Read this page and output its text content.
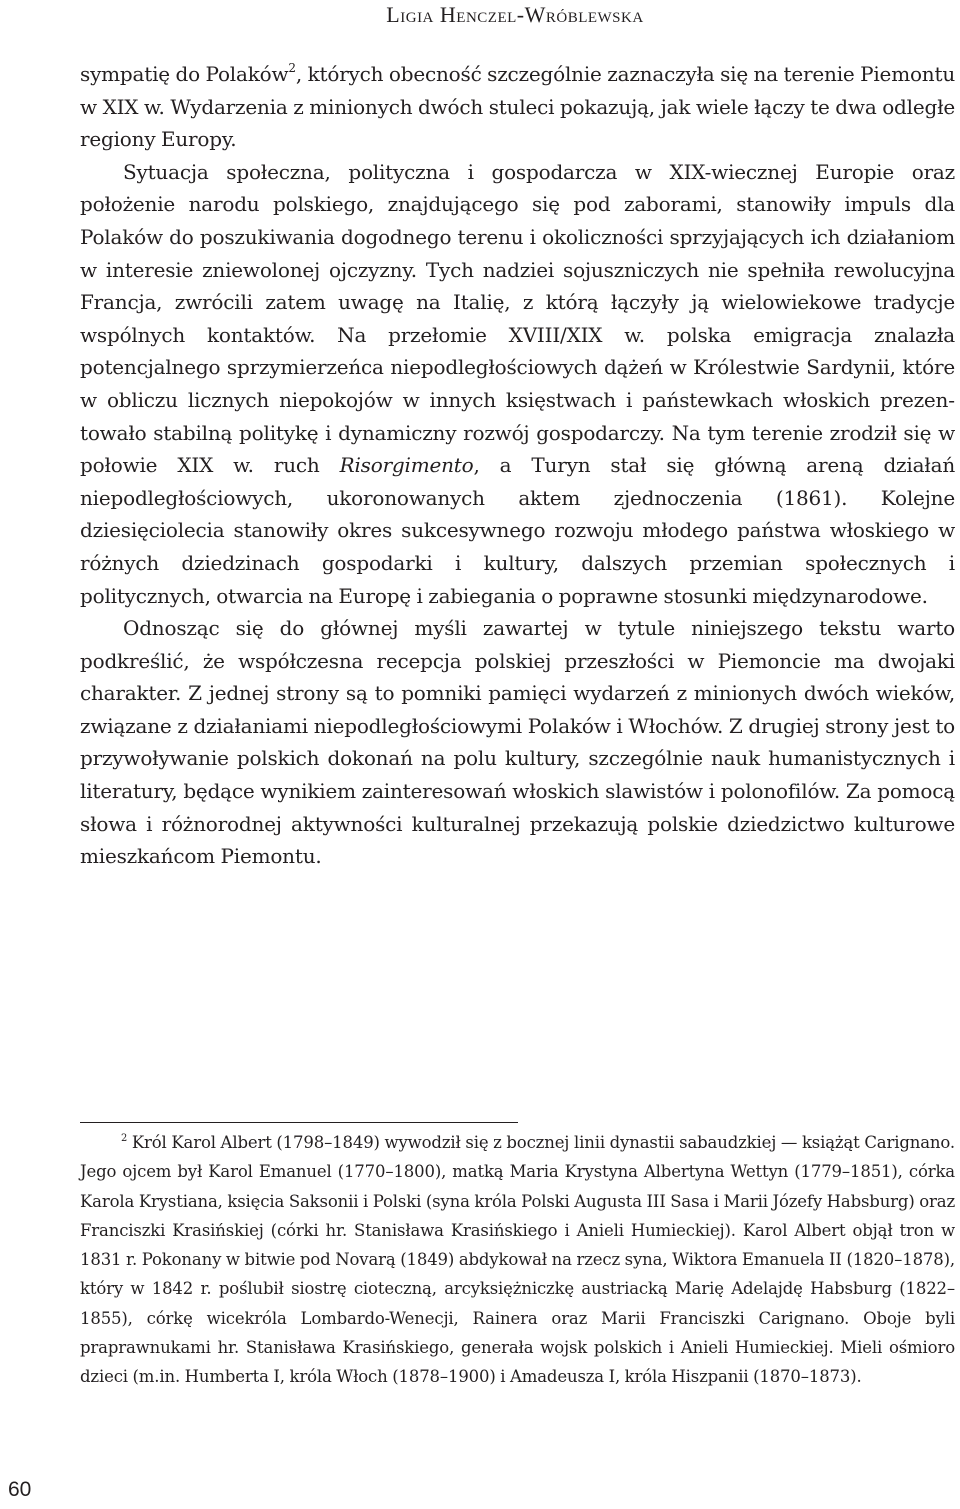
Ligia Henczel-Wróblewska

sympatię do Polaków$^2$, których obecność szczególnie zaznaczyła się na terenie Piemontu w XIX w. Wydarzenia z minionych dwóch stuleci pokazują, jak wiele łączy te dwa odległe regiony Europy.

Sytuacja społeczna, polityczna i gospodarcza w XIX-wiecznej Europie oraz położenie narodu polskiego, znajdującego się pod zaborami, stanowiły impuls dla Polaków do poszukiwania dogodnego terenu i okoliczności sprzyjających ich działaniom w interesie zniewolonej ojczyzny. Tych nadziei sojuszniczych nie spełniła rewolucyjna Francja, zwrócili zatem uwagę na Italię, z którą łączyły ją wielowiekowe tradycje wspólnych kontaktów. Na przełomie XVIII/XIX w. polska emigracja znalazła potencjalnego sprzymierzeńca niepodległościowych dążeń w Królestwie Sardynii, które w obliczu licznych niepokojów w innych księstwach i państewkach włoskich prezentowało stabilną politykę i dynamiczny rozwój gospodarczy. Na tym terenie zrodził się w połowie XIX w. ruch Risorgimento, a Turyn stał się główną areną działań niepodległościowych, ukoronowanych aktem zjednoczenia (1861). Kolejne dziesięciolecia stanowiły okres sukcesywnego rozwoju młodego państwa włoskiego w różnych dziedzinach gospodarki i kultury, dalszych przemian społecznych i politycznych, otwarcia na Europę i zabiegania o poprawne stosunki międzynarodowe.

Odnosząc się do głównej myśli zawartej w tytule niniejszego tekstu warto podkreślić, że współczesna recepcja polskiej przeszłości w Piemoncie ma dwojaki charakter. Z jednej strony są to pomniki pamięci wydarzeń z minionych dwóch wieków, związane z działaniami niepodległościowymi Polaków i Włochów. Z drugiej strony jest to przywoływanie polskich dokonań na polu kultury, szczególnie nauk humanistycznych i literatury, będące wynikiem zainteresowań włoskich slawistów i polonofilów. Za pomocą słowa i różnorodnej aktywności kulturalnej przekazują polskie dziedzictwo kulturowe mieszkańcom Piemontu.

$^2$ Król Karol Albert (1798–1849) wywodził się z bocznej linii dynastii sabaudzkiej — książąt Carignano. Jego ojcem był Karol Emanuel (1770–1800), matką Maria Krystyna Albertyna Wettyn (1779–1851), córka Karola Krystiana, księcia Saksonii i Polski (syna króla Polski Augusta III Sasa i Marii Józefy Habsburg) oraz Franciszki Krasińskiej (córki hr. Stanisława Krasińskiego i Anieli Humieckiej). Karol Albert objął tron w 1831 r. Pokonany w bitwie pod Novarą (1849) abdykował na rzecz syna, Wiktora Emanuela II (1820–1878), który w 1842 r. poślubił siostrę cioteczną, arcyksiężniczkę austriacką Marię Adelajdę Habsburg (1822–1855), córkę wicekróla Lombardo-Wenecji, Rainera oraz Marii Franciszki Carignano. Oboje byli praprawnukami hr. Stanisława Krasińskiego, generała wojsk polskich i Anieli Humieckiej. Mieli ośmioro dzieci (m.in. Humberta I, króla Włoch (1878–1900) i Amadeusza I, króla Hiszpanii (1870–1873).

60
